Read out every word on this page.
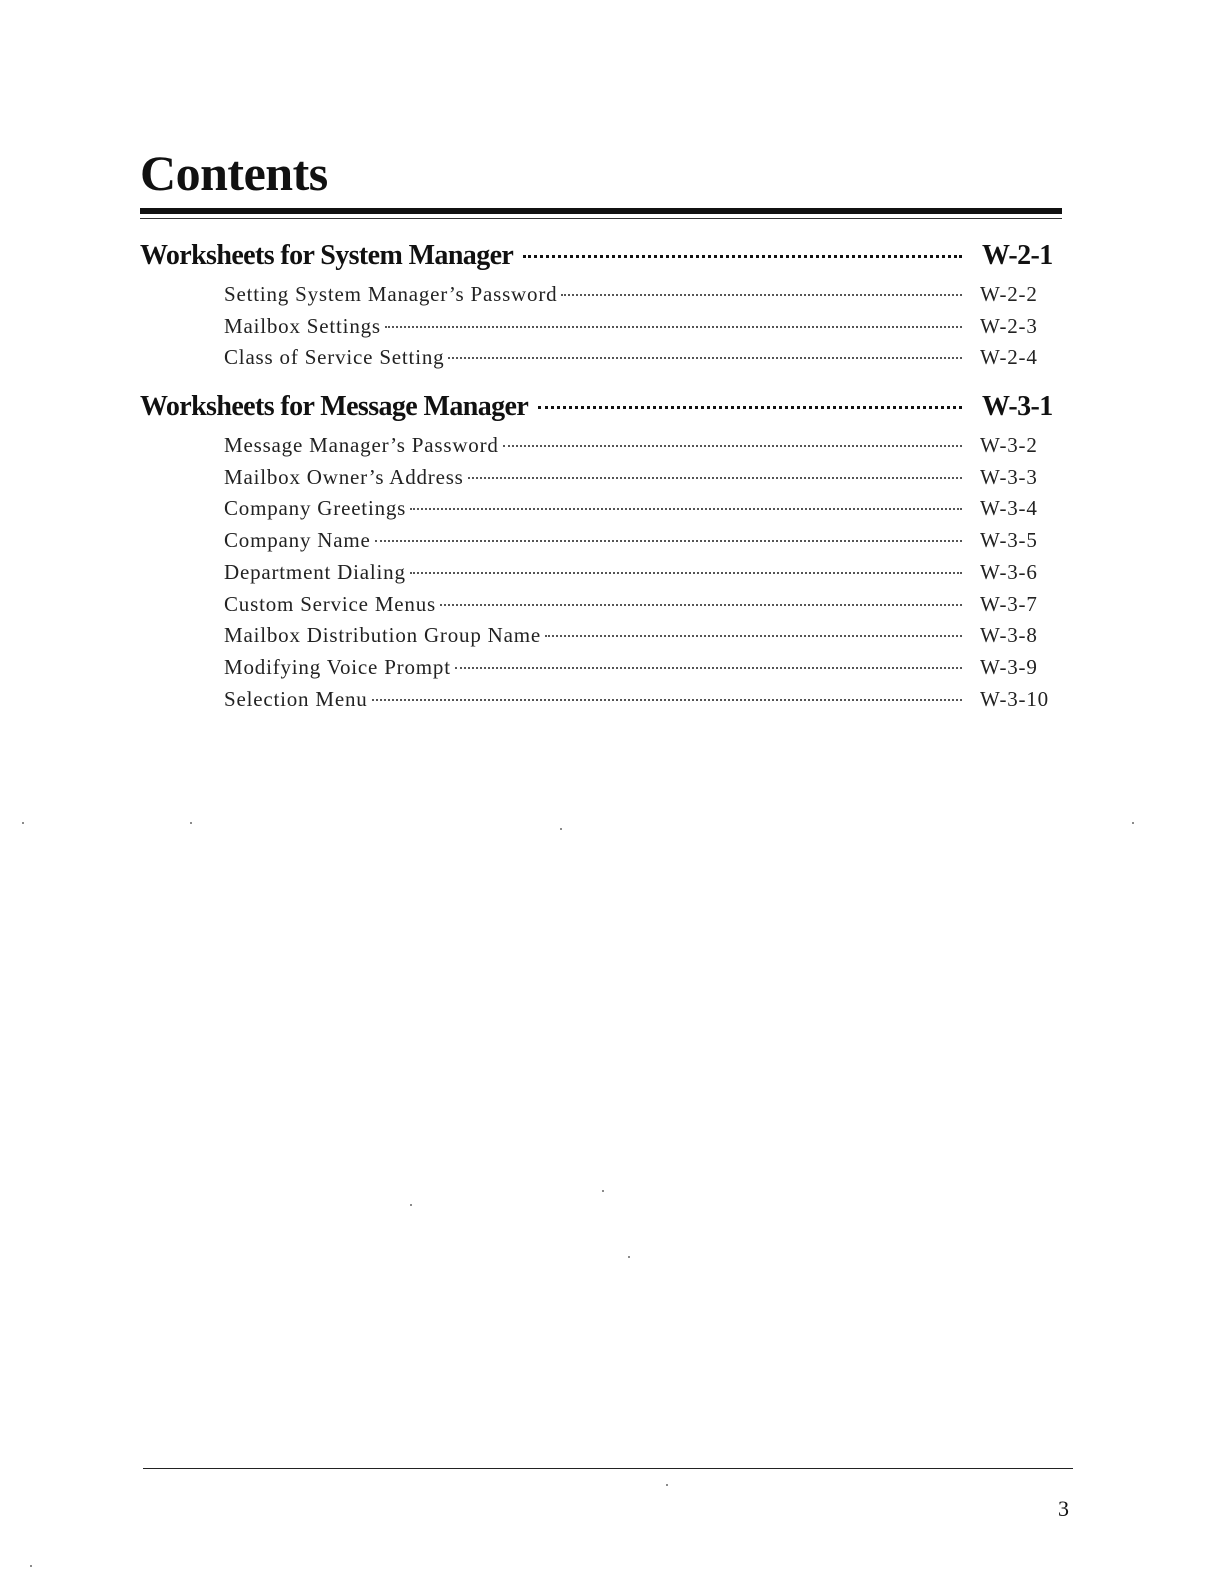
Contents
Worksheets for System Manager	W-2-1
Setting System Manager’s Password	W-2-2
Mailbox Settings	W-2-3
Class of Service Setting	W-2-4
Worksheets for Message Manager	W-3-1
Message Manager’s Password	W-3-2
Mailbox Owner’s Address	W-3-3
Company Greetings	W-3-4
Company Name	W-3-5
Department Dialing	W-3-6
Custom Service Menus	W-3-7
Mailbox Distribution Group Name	W-3-8
Modifying Voice Prompt	W-3-9
Selection Menu	W-3-10
3
